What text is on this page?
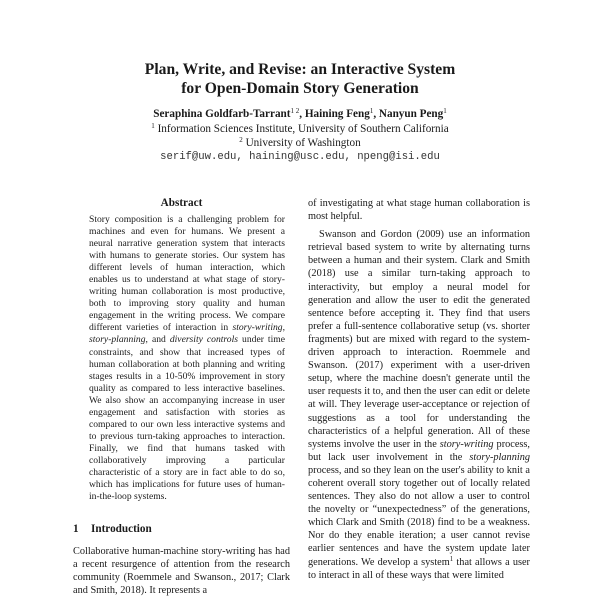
Plan, Write, and Revise: an Interactive System
for Open-Domain Story Generation
Seraphina Goldfarb-Tarrant$^{1 2}$, Haining Feng$^1$, Nanyun Peng$^1$
$^1$ Information Sciences Institute, University of Southern California
$^2$ University of Washington
serif@uw.edu, haining@usc.edu, npeng@isi.edu
Abstract

Story composition is a challenging problem for machines and even for humans. We present a neural narrative generation system that interacts with humans to generate stories. Our system has different levels of human interaction, which enables us to understand at what stage of story-writing human collaboration is most productive, both to improving story quality and human engagement in the writing process. We compare different varieties of interaction in story-writing, story-planning, and diversity controls under time constraints, and show that increased types of human collaboration at both planning and writing stages results in a 10-50% improvement in story quality as compared to less interactive baselines. We also show an accompanying increase in user engagement and satisfaction with stories as compared to our own less interactive systems and to previous turn-taking approaches to interaction. Finally, we find that humans tasked with collaboratively improving a particular characteristic of a story are in fact able to do so, which has implications for future uses of human-in-the-loop systems.

1 Introduction

Collaborative human-machine story-writing has had a recent resurgence of attention from the research community (Roemmele and Swanson., 2017; Clark and Smith, 2018). It represents a

of investigating at what stage human collaboration is most helpful.

Swanson and Gordon (2009) use an information retrieval based system to write by alternating turns between a human and their system. Clark and Smith (2018) use a similar turn-taking approach to interactivity, but employ a neural model for generation and allow the user to edit the generated sentence before accepting it. They find that users prefer a full-sentence collaborative setup (vs. shorter fragments) but are mixed with regard to the system-driven approach to interaction. Roemmele and Swanson. (2017) experiment with a user-driven setup, where the machine doesn't generate until the user requests it to, and then the user can edit or delete at will. They leverage user-acceptance or rejection of suggestions as a tool for understanding the characteristics of a helpful generation. All of these systems involve the user in the story-writing process, but lack user involvement in the story-planning process, and so they lean on the user's ability to knit a coherent overall story together out of locally related sentences. They also do not allow a user to control the novelty or “unexpectedness” of the generations, which Clark and Smith (2018) find to be a weakness. Nor do they enable iteration; a user cannot revise earlier sentences and have the system update later generations. We develop a system$^1$ that allows a user to interact in all of these ways that were limited
